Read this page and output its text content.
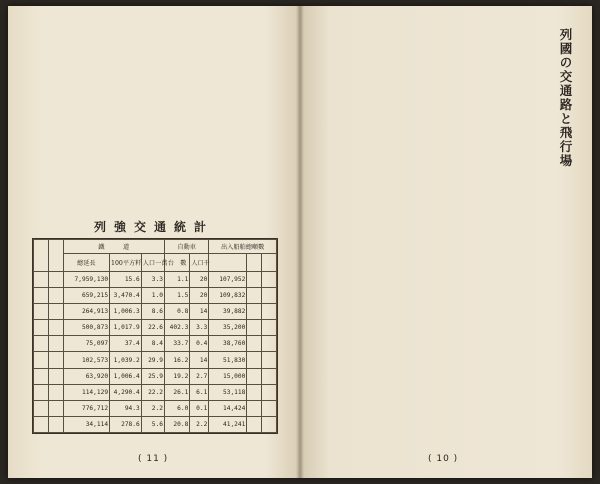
列強交通統計
		鐵　　　道			自動車		出入船舶總噸數		
		總延長	100平方粁	人口一萬	台　數	人口千			
		7,959,130	15.6	3.3	1.1	20	107,952		
		659,215	3,470.4	1.0	1.5	20	109,832		
		264,913	1,006.3	8.6	0.8	14	39,882		
		500,873	1,017.9	22.6	402.3	3.3	35,200		
		75,097	37.4	8.4	33.7	0.4	38,760		
		102,573	1,039.2	29.9	16.2	14	51,830		
		63,920	1,006.4	25.9	19.2	2.7	15,000		
		114,129	4,290.4	22.2	26.1	6.1	53,118		
		776,712	94.3	2.2	6.0	0.1	14,424		
		34,114	278.6	5.6	20.8	2.2	41,241		
( 11 )
列國の交通路と飛行場
( 10 )
